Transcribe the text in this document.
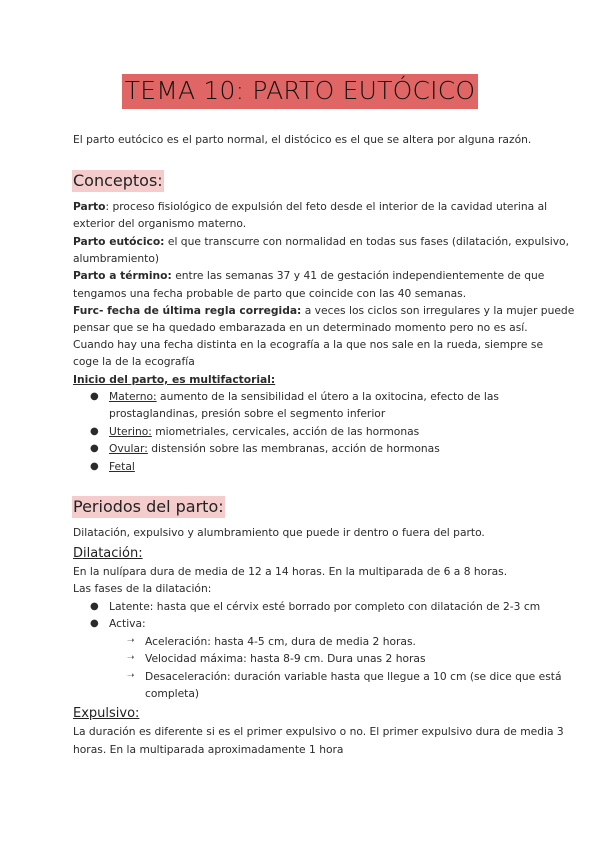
TEMA 10: PARTO EUTÓCICO
El parto eutócico es el parto normal, el distócico es el que se altera por alguna razón.
Conceptos:
Parto: proceso fisiológico de expulsión del feto desde el interior de la cavidad uterina al
exterior del organismo materno.
Parto eutócico: el que transcurre con normalidad en todas sus fases (dilatación, expulsivo,
alumbramiento)
Parto a término: entre las semanas 37 y 41 de gestación independientemente de que
tengamos una fecha probable de parto que coincide con las 40 semanas.
Furc- fecha de última regla corregida: a veces los ciclos son irregulares y la mujer puede
pensar que se ha quedado embarazada en un determinado momento pero no es así.
Cuando hay una fecha distinta en la ecografía a la que nos sale en la rueda, siempre se
coge la de la ecografía
Inicio del parto, es multifactorial:
● Materno: aumento de la sensibilidad el útero a la oxitocina, efecto de las
prostaglandinas, presión sobre el segmento inferior
● Uterino: miometriales, cervicales, acción de las hormonas
● Ovular: distensión sobre las membranas, acción de hormonas
● Fetal
Periodos del parto:
Dilatación, expulsivo y alumbramiento que puede ir dentro o fuera del parto.
Dilatación:
En la nulípara dura de media de 12 a 14 horas. En la multiparada de 6 a 8 horas.
Las fases de la dilatación:
● Latente: hasta que el cérvix esté borrado por completo con dilatación de 2-3 cm
● Activa:
➝ Aceleración: hasta 4-5 cm, dura de media 2 horas.
➝ Velocidad máxima: hasta 8-9 cm. Dura unas 2 horas
➝ Desaceleración: duración variable hasta que llegue a 10 cm (se dice que está
completa)
Expulsivo:
La duración es diferente si es el primer expulsivo o no. El primer expulsivo dura de media 3
horas. En la multiparada aproximadamente 1 hora
